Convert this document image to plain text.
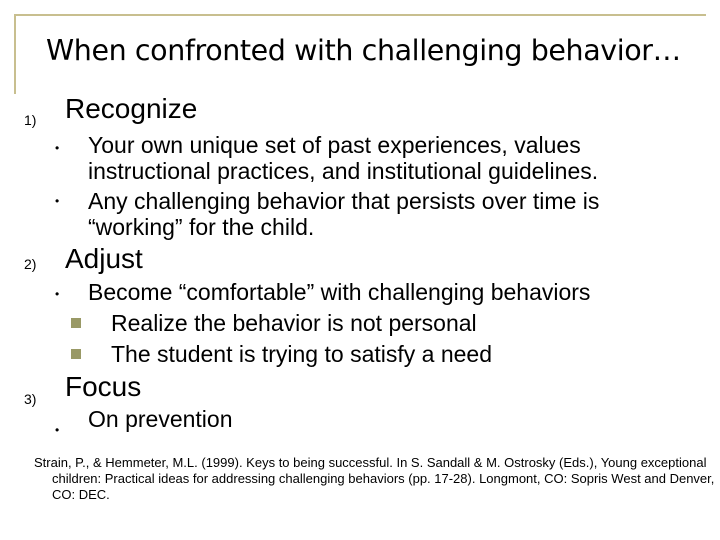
When confronted with challenging behavior…
1) Recognize
• Your own unique set of past experiences, values instructional practices, and institutional guidelines.
• Any challenging behavior that persists over time is “working” for the child.
2) Adjust
• Become “comfortable” with challenging behaviors
Realize the behavior is not personal
The student is trying to satisfy a need
3) Focus
• On prevention
Strain, P., & Hemmeter, M.L. (1999). Keys to being successful. In S. Sandall & M. Ostrosky (Eds.), Young exceptional children: Practical ideas for addressing challenging behaviors (pp. 17-28). Longmont, CO: Sopris West and Denver, CO: DEC.
